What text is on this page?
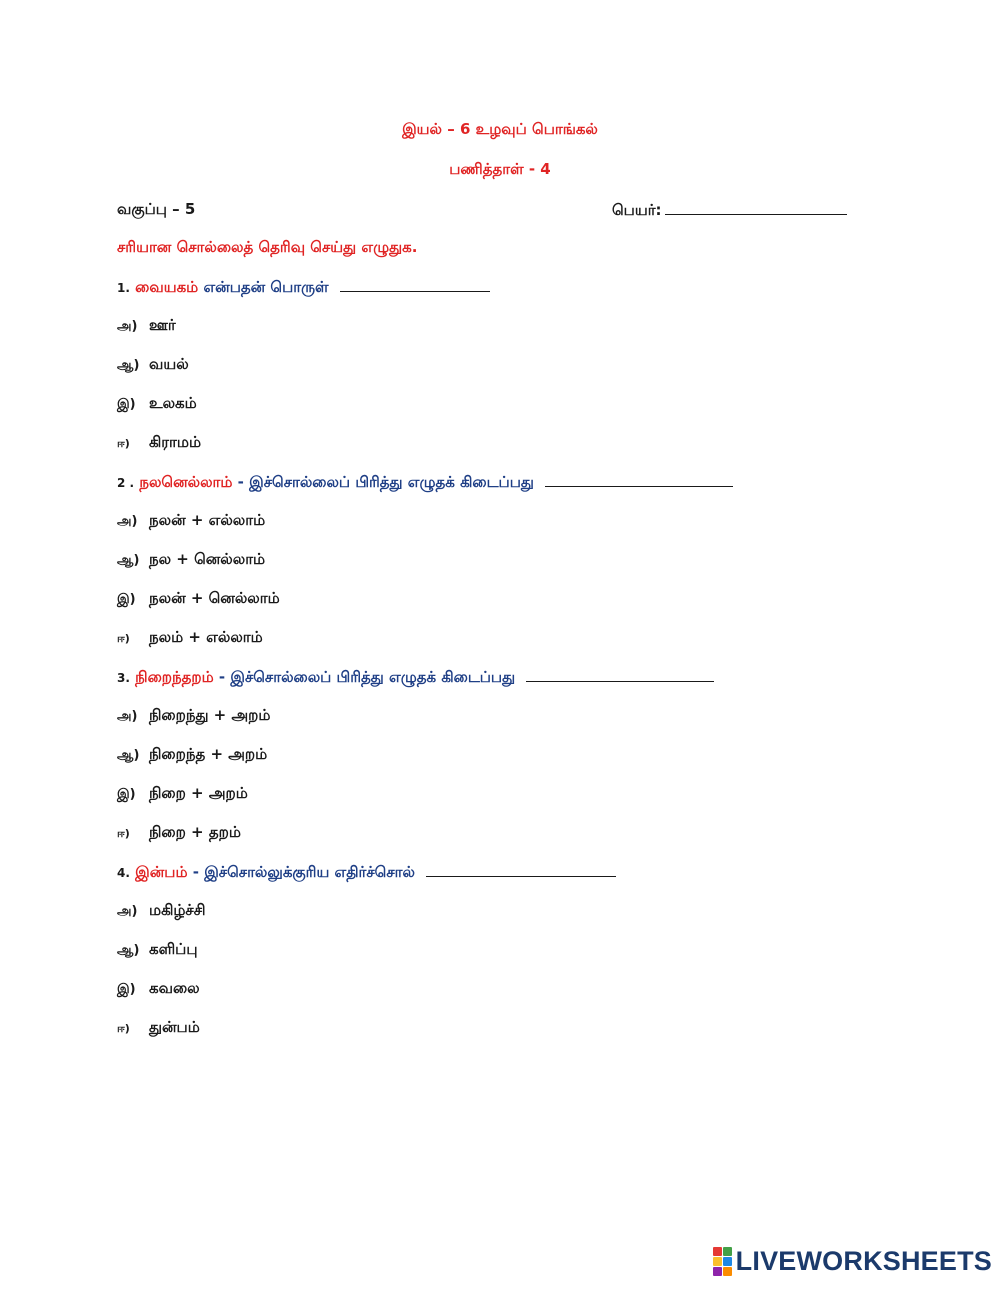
இயல் – 6 உழவுப் பொங்கல்
பணித்தாள் - 4
வகுப்பு – 5	பெயர்:
சரியான சொல்லைத் தெரிவு செய்து எழுதுக.
1. வையகம் என்பதன் பொருள்
அ) ஊர்
ஆ) வயல்
இ) உலகம்
ஈ) கிராமம்
2 . நலனெல்லாம் - இச்சொல்லைப் பிரித்து எழுதக் கிடைப்பது
அ) நலன் + எல்லாம்
ஆ) நல + னெல்லாம்
இ) நலன் + னெல்லாம்
ஈ) நலம் + எல்லாம்
3. நிறைந்தறம் - இச்சொல்லைப் பிரித்து எழுதக் கிடைப்பது
அ) நிறைந்து + அறம்
ஆ) நிறைந்த + அறம்
இ) நிறை + அறம்
ஈ) நிறை + தறம்
4. இன்பம் - இச்சொல்லுக்குரிய எதிர்ச்சொல்
அ) மகிழ்ச்சி
ஆ) களிப்பு
இ) கவலை
ஈ) துன்பம்
LIVEWORKSHEETS
